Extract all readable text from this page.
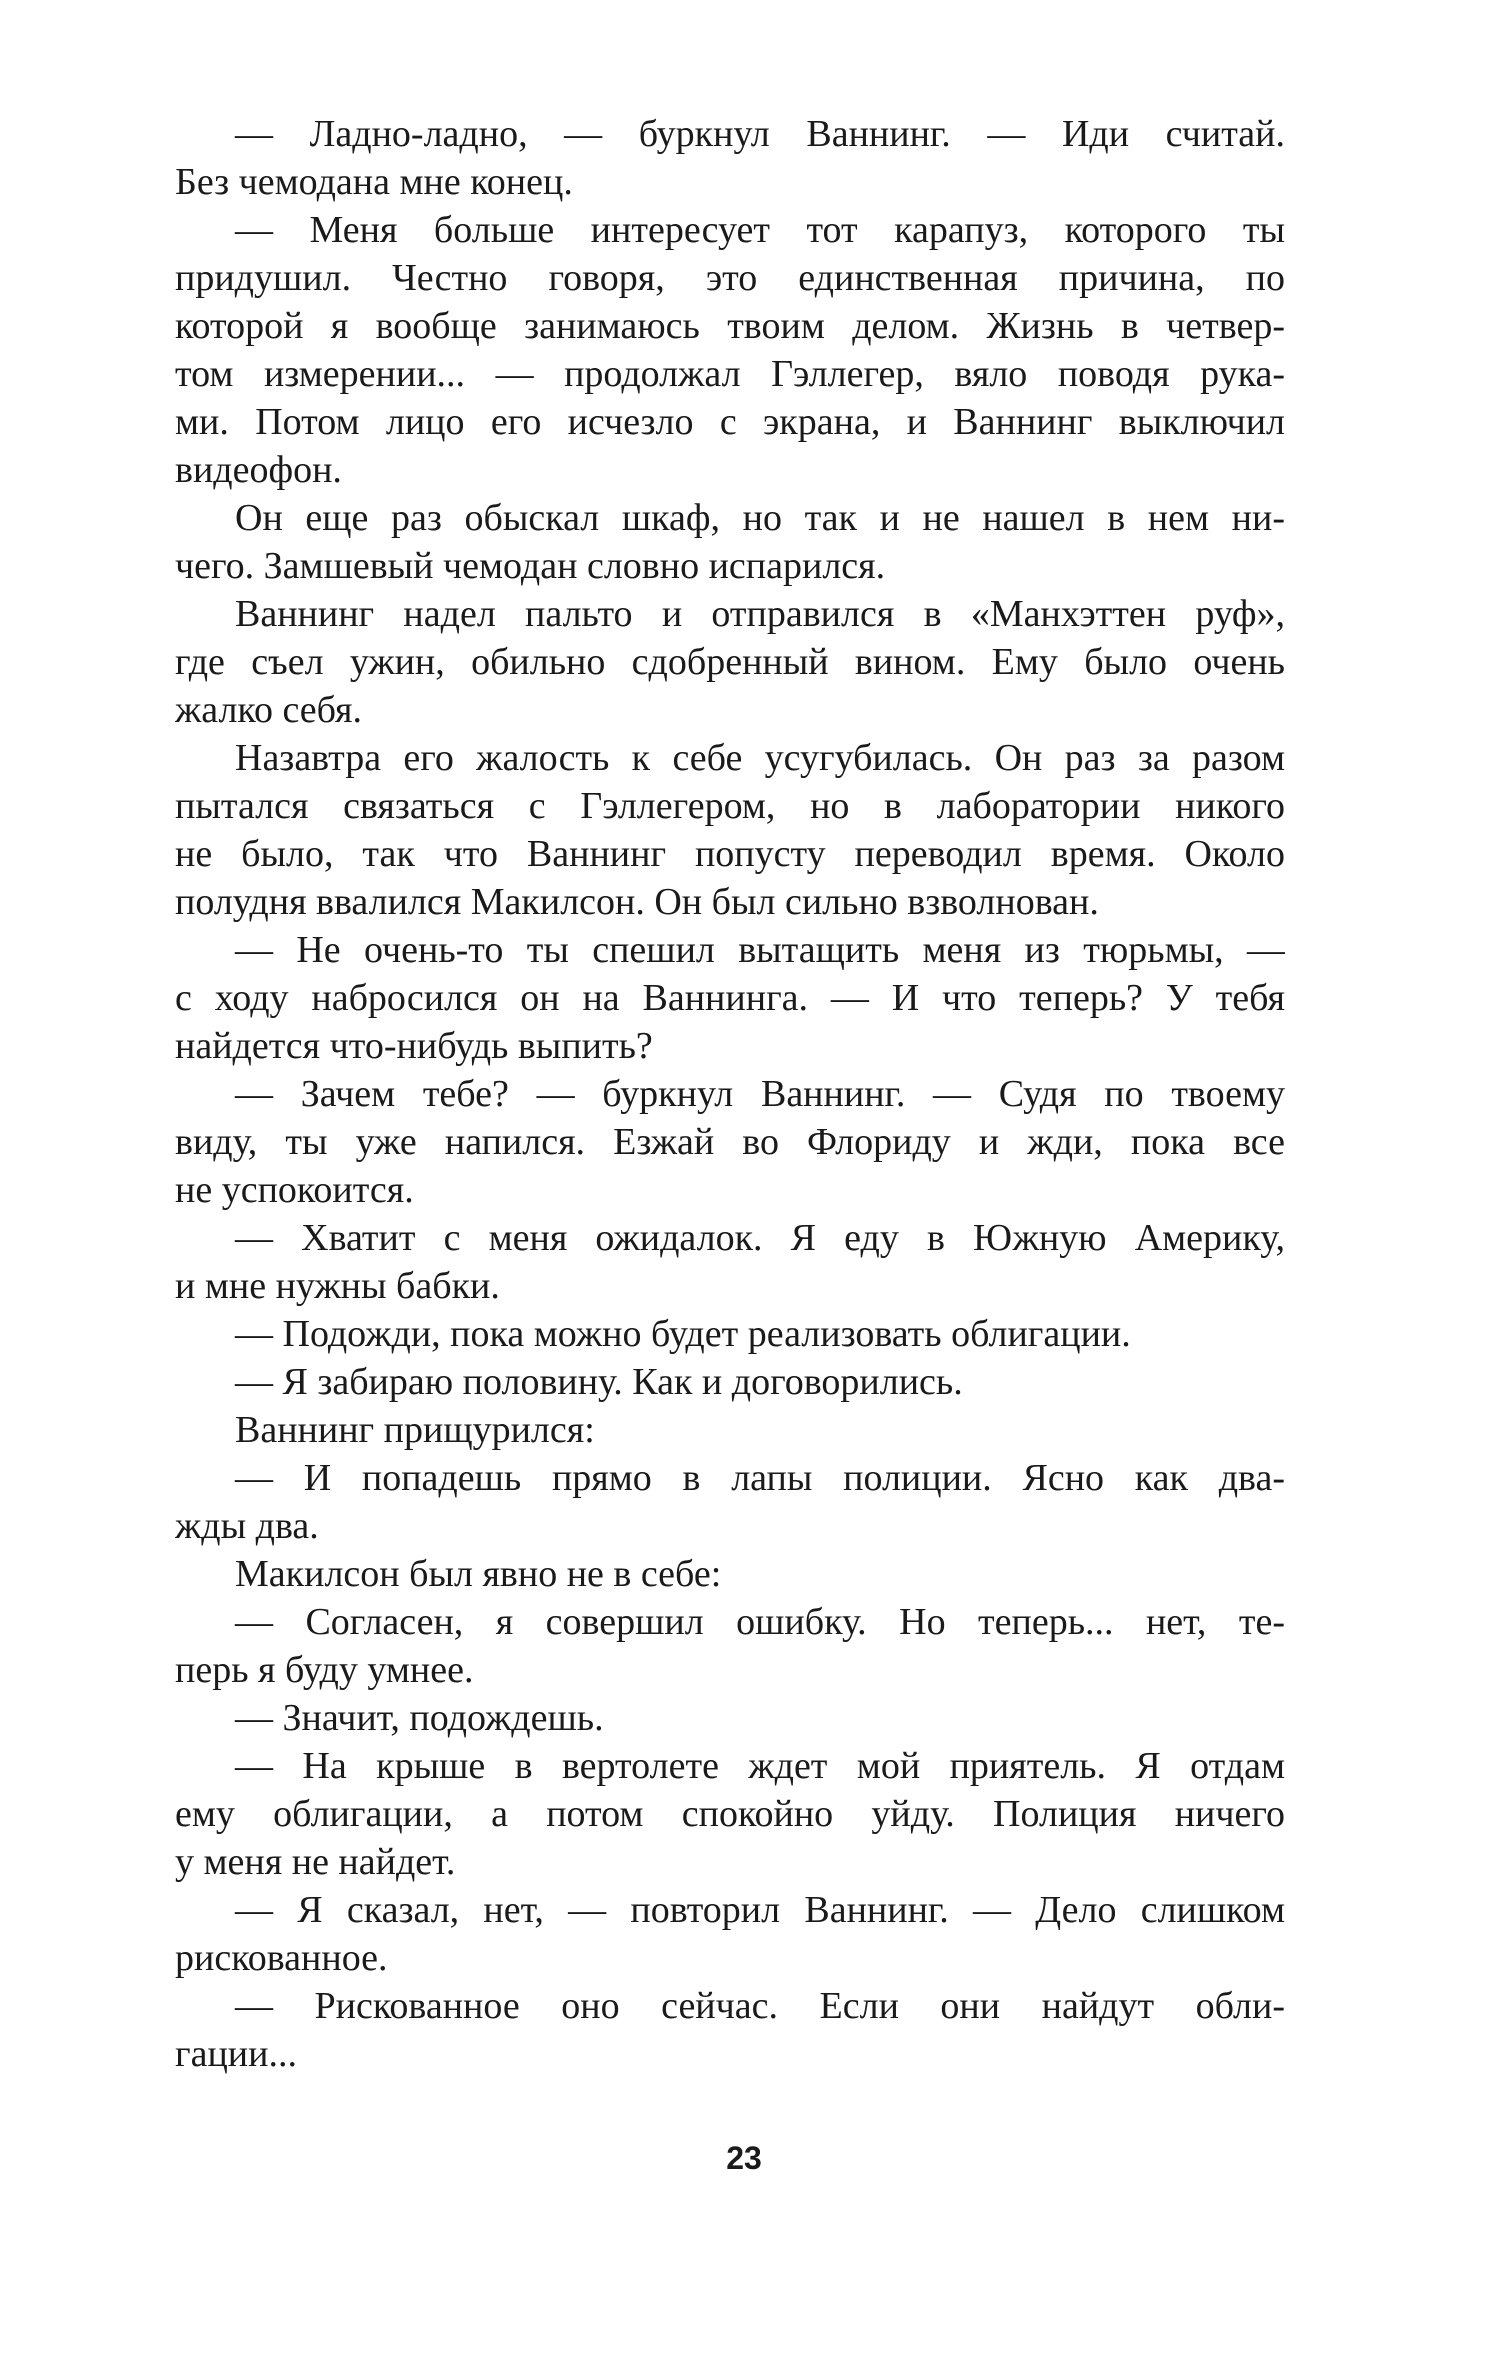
— Ладно-ладно, — буркнул Ваннинг. — Иди считай.
Без чемодана мне конец.
— Меня больше интересует тот карапуз, которого ты
придушил. Честно говоря, это единственная причина, по
которой я вообще занимаюсь твоим делом. Жизнь в четвер-
том измерении... — продолжал Гэллегер, вяло поводя рука-
ми. Потом лицо его исчезло с экрана, и Ваннинг выключил
видеофон.
Он еще раз обыскал шкаф, но так и не нашел в нем ни-
чего. Замшевый чемодан словно испарился.
Ваннинг надел пальто и отправился в «Манхэттен руф»,
где съел ужин, обильно сдобренный вином. Ему было очень
жалко себя.
Назавтра его жалость к себе усугубилась. Он раз за разом
пытался связаться с Гэллегером, но в лаборатории никого
не было, так что Ваннинг попусту переводил время. Около
полудня ввалился Макилсон. Он был сильно взволнован.
— Не очень-то ты спешил вытащить меня из тюрьмы, —
с ходу набросился он на Ваннинга. — И что теперь? У тебя
найдется что-нибудь выпить?
— Зачем тебе? — буркнул Ваннинг. — Судя по твоему
виду, ты уже напился. Езжай во Флориду и жди, пока все
не успокоится.
— Хватит с меня ожидалок. Я еду в Южную Америку,
и мне нужны бабки.
— Подожди, пока можно будет реализовать облигации.
— Я забираю половину. Как и договорились.
Ваннинг прищурился:
— И попадешь прямо в лапы полиции. Ясно как два-
жды два.
Макилсон был явно не в себе:
— Согласен, я совершил ошибку. Но теперь... нет, те-
перь я буду умнее.
— Значит, подождешь.
— На крыше в вертолете ждет мой приятель. Я отдам
ему облигации, а потом спокойно уйду. Полиция ничего
у меня не найдет.
— Я сказал, нет, — повторил Ваннинг. — Дело слишком
рискованное.
— Рискованное оно сейчас. Если они найдут обли-
гации...
23
